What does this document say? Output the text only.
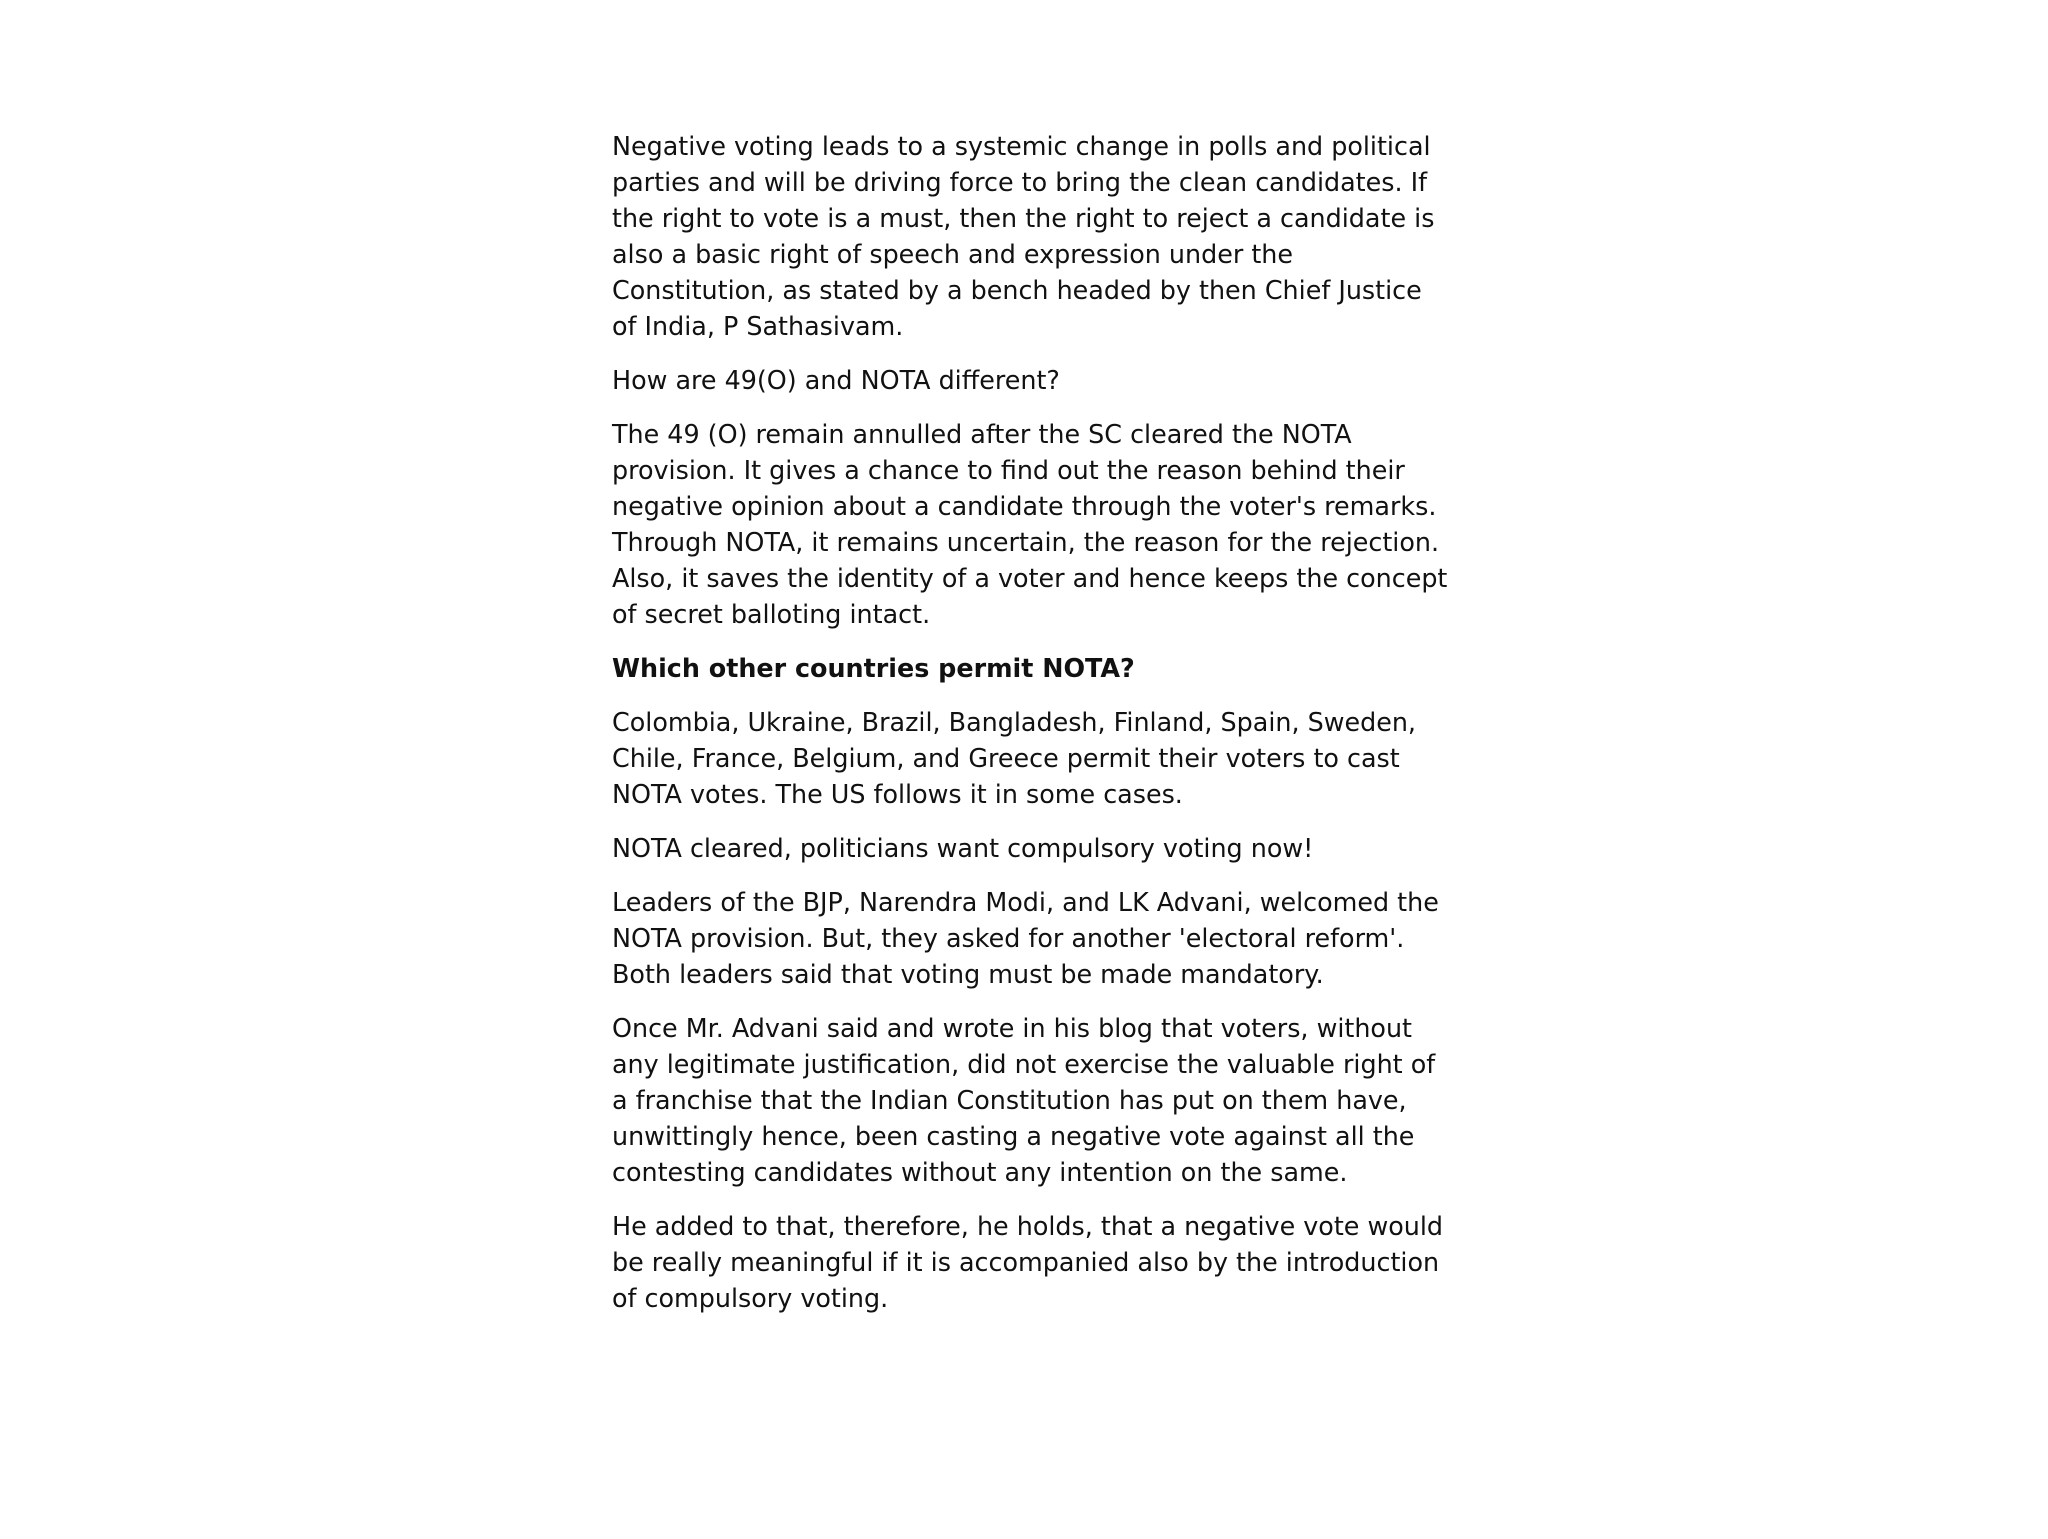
Negative voting leads to a systemic change in polls and political parties and will be driving force to bring the clean candidates. If the right to vote is a must, then the right to reject a candidate is also a basic right of speech and expression under the Constitution, as stated by a bench headed by then Chief Justice of India, P Sathasivam.

How are 49(O) and NOTA different?

The 49 (O) remain annulled after the SC cleared the NOTA provision. It gives a chance to find out the reason behind their negative opinion about a candidate through the voter's remarks. Through NOTA, it remains uncertain, the reason for the rejection. Also, it saves the identity of a voter and hence keeps the concept of secret balloting intact.

Which other countries permit NOTA?

Colombia, Ukraine, Brazil, Bangladesh, Finland, Spain, Sweden, Chile, France, Belgium, and Greece permit their voters to cast NOTA votes. The US follows it in some cases.

NOTA cleared, politicians want compulsory voting now!

Leaders of the BJP, Narendra Modi, and LK Advani, welcomed the NOTA provision. But, they asked for another 'electoral reform'. Both leaders said that voting must be made mandatory.

Once Mr. Advani said and wrote in his blog that voters, without any legitimate justification, did not exercise the valuable right of a franchise that the Indian Constitution has put on them have, unwittingly hence, been casting a negative vote against all the contesting candidates without any intention on the same.

He added to that, therefore, he holds, that a negative vote would be really meaningful if it is accompanied also by the introduction of compulsory voting.
